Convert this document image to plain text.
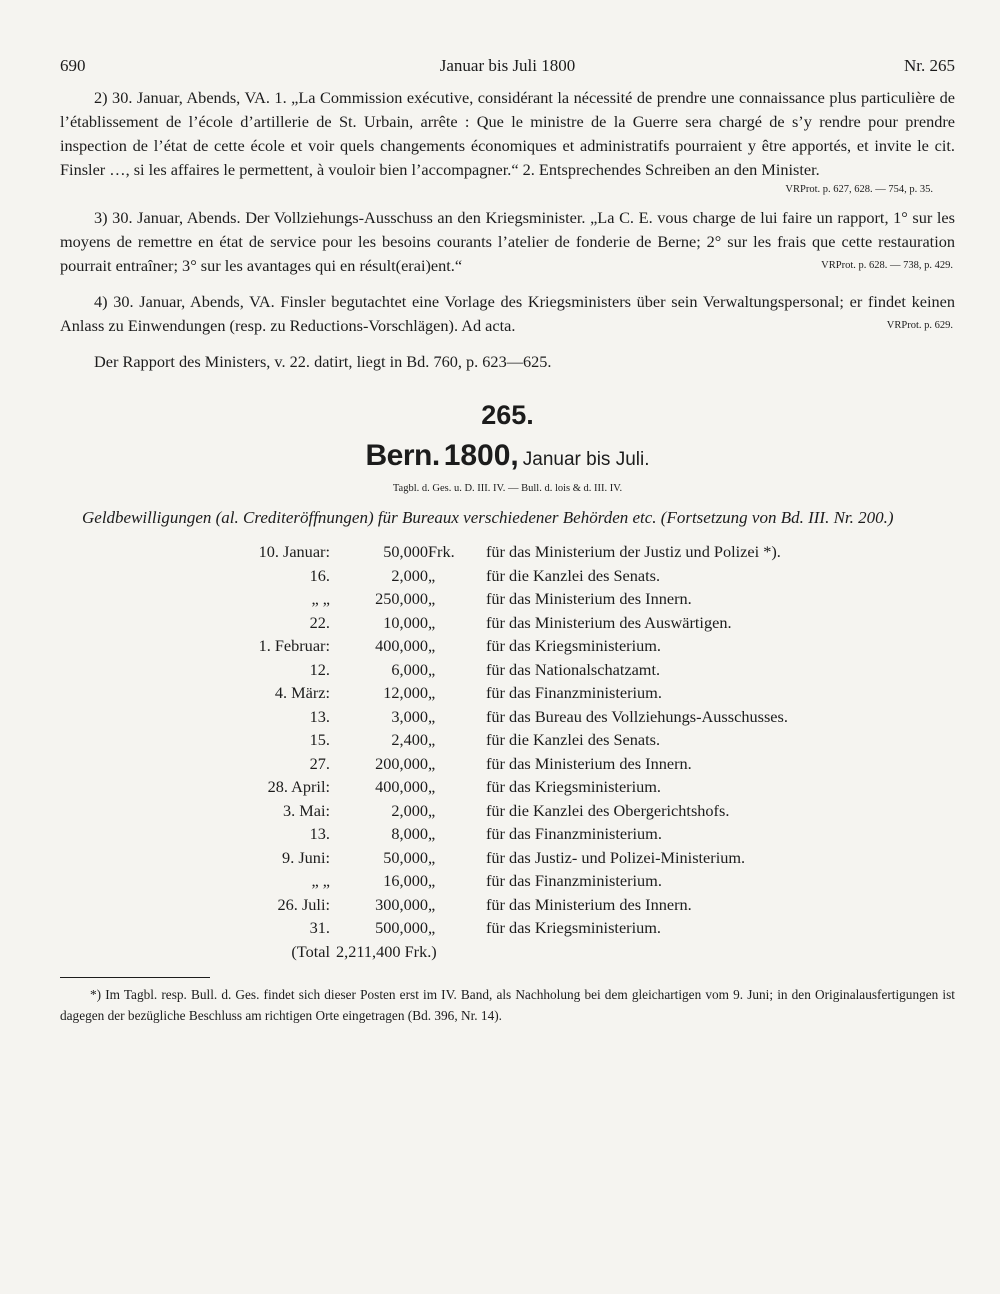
690	Januar bis Juli 1800	Nr. 265

2) 30. Januar, Abends, VA. 1. „La Commission exécutive, considérant la nécessité de prendre une connaissance plus particulière de l’établissement de l’école d’artillerie de St. Urbain, arrête : Que le ministre de la Guerre sera chargé de s’y rendre pour prendre inspection de l’état de cette école et voir quels changements économiques et administratifs pourraient y être apportés, et invite le cit. Finsler …, si les affaires le permettent, à vouloir bien l’accompagner.“ 2. Entsprechendes Schreiben an den Minister.

VRProt. p. 627, 628. — 754, p. 35.

3) 30. Januar, Abends. Der Vollziehungs-Ausschuss an den Kriegsminister. „La C. E. vous charge de lui faire un rapport, 1° sur les moyens de remettre en état de service pour les besoins courants l’atelier de fonderie de Berne; 2° sur les frais que cette restauration pourrait entraîner; 3° sur les avantages qui en résult(erai)ent.“	VRProt. p. 628. — 738, p. 429.

4) 30. Januar, Abends, VA. Finsler begutachtet eine Vorlage des Kriegsministers über sein Verwaltungspersonal; er findet keinen Anlass zu Einwendungen (resp. zu Reductions-Vorschlägen). Ad acta.	VRProt. p. 629.

Der Rapport des Ministers, v. 22. datirt, liegt in Bd. 760, p. 623—625.

265.
Bern. 1800, Januar bis Juli.
Tagbl. d. Ges. u. D. III. IV. — Bull. d. lois & d. III. IV.

Geldbewilligungen (al. Crediteröffnungen) für Bureaux verschiedener Behörden etc. (Fortsetzung von Bd. III. Nr. 200.)

10. Januar:	50,000	Frk.	für das Ministerium der Justiz und Polizei *).
16.	2,000	„	für die Kanzlei des Senats.
„ „	250,000	„	für das Ministerium des Innern.
22.	10,000	„	für das Ministerium des Auswärtigen.
1. Februar:	400,000	„	für das Kriegsministerium.
12.	6,000	„	für das Nationalschatzamt.
4. März:	12,000	„	für das Finanzministerium.
13.	3,000	„	für das Bureau des Vollziehungs-Ausschusses.
15.	2,400	„	für die Kanzlei des Senats.
27.	200,000	„	für das Ministerium des Innern.
28. April:	400,000	„	für das Kriegsministerium.
3. Mai:	2,000	„	für die Kanzlei des Obergerichtshofs.
13.	8,000	„	für das Finanzministerium.
9. Juni:	50,000	„	für das Justiz- und Polizei-Ministerium.
„ „	16,000	„	für das Finanzministerium.
26. Juli:	300,000	„	für das Ministerium des Innern.
31.	500,000	„	für das Kriegsministerium.
(Total	2,211,400 Frk.)		

*) Im Tagbl. resp. Bull. d. Ges. findet sich dieser Posten erst im IV. Band, als Nachholung bei dem gleichartigen vom 9. Juni; in den Originalausfertigungen ist dagegen der bezügliche Beschluss am richtigen Orte eingetragen (Bd. 396, Nr. 14).
